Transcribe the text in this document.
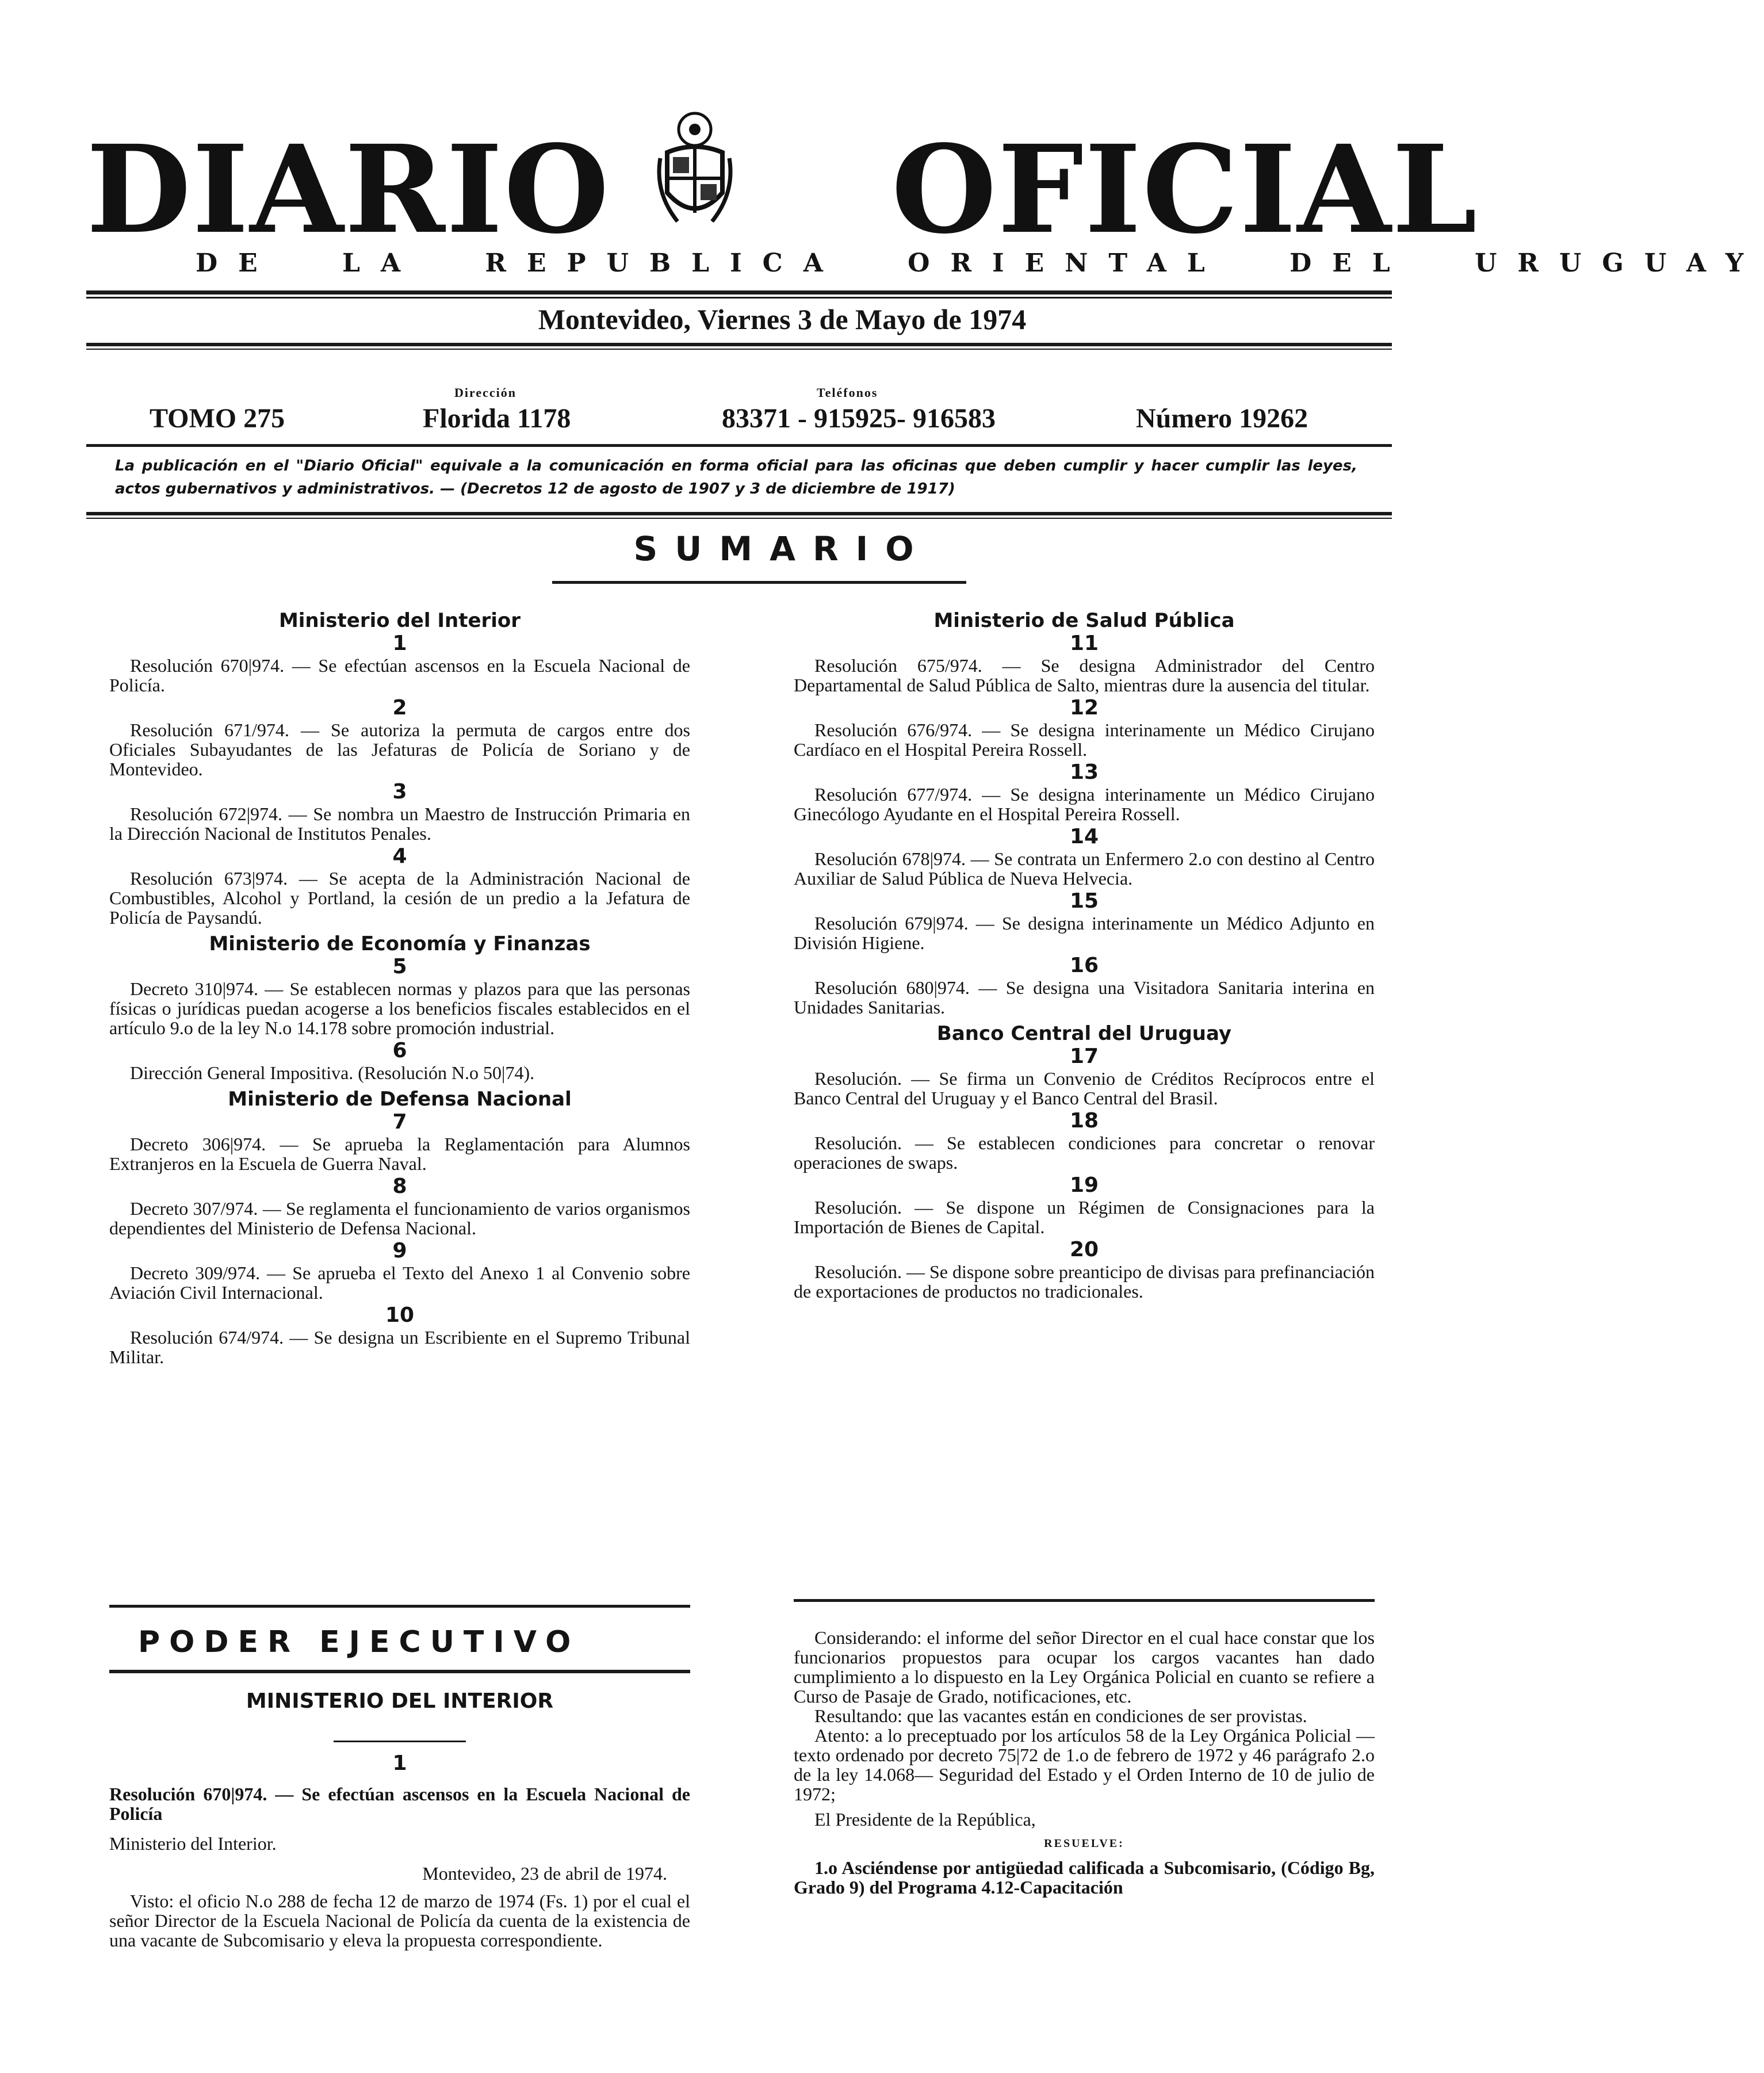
DIARIO OFICIAL
DE LA REPUBLICA ORIENTAL DEL URUGUAY
Montevideo, Viernes 3 de Mayo de 1974
Dirección	Teléfonos
TOMO 275	Florida 1178	83371 - 915925- 916583	Número 19262
La publicación en el "Diario Oficial" equivale a la comunicación en forma oficial para las oficinas que deben cumplir y hacer cumplir las leyes, actos gubernativos y administrativos. — (Decretos 12 de agosto de 1907 y 3 de diciembre de 1917)
SUMARIO
Ministerio del Interior
1
Resolución 670|974. — Se efectúan ascensos en la Escuela Nacional de Policía.
2
Resolución 671/974. — Se autoriza la permuta de cargos entre dos Oficiales Subayudantes de las Jefaturas de Policía de Soriano y de Montevideo.
3
Resolución 672|974. — Se nombra un Maestro de Instrucción Primaria en la Dirección Nacional de Institutos Penales.
4
Resolución 673|974. — Se acepta de la Administración Nacional de Combustibles, Alcohol y Portland, la cesión de un predio a la Jefatura de Policía de Paysandú.
Ministerio de Economía y Finanzas
5
Decreto 310|974. — Se establecen normas y plazos para que las personas físicas o jurídicas puedan acogerse a los beneficios fiscales establecidos en el artículo 9.o de la ley N.o 14.178 sobre promoción industrial.
6
Dirección General Impositiva. (Resolución N.o 50|74).
Ministerio de Defensa Nacional
7
Decreto 306|974. — Se aprueba la Reglamentación para Alumnos Extranjeros en la Escuela de Guerra Naval.
8
Decreto 307/974. — Se reglamenta el funcionamiento de varios organismos dependientes del Ministerio de Defensa Nacional.
9
Decreto 309/974. — Se aprueba el Texto del Anexo 1 al Convenio sobre Aviación Civil Internacional.
10
Resolución 674/974. — Se designa un Escribiente en el Supremo Tribunal Militar.
Ministerio de Salud Pública
11
Resolución 675/974. — Se designa Administrador del Centro Departamental de Salud Pública de Salto, mientras dure la ausencia del titular.
12
Resolución 676/974. — Se designa interinamente un Médico Cirujano Cardíaco en el Hospital Pereira Rossell.
13
Resolución 677/974. — Se designa interinamente un Médico Cirujano Ginecólogo Ayudante en el Hospital Pereira Rossell.
14
Resolución 678|974. — Se contrata un Enfermero 2.o con destino al Centro Auxiliar de Salud Pública de Nueva Helvecia.
15
Resolución 679|974. — Se designa interinamente un Médico Adjunto en División Higiene.
16
Resolución 680|974. — Se designa una Visitadora Sanitaria interina en Unidades Sanitarias.
Banco Central del Uruguay
17
Resolución. — Se firma un Convenio de Créditos Recíprocos entre el Banco Central del Uruguay y el Banco Central del Brasil.
18
Resolución. — Se establecen condiciones para concretar o renovar operaciones de swaps.
19
Resolución. — Se dispone un Régimen de Consignaciones para la Importación de Bienes de Capital.
20
Resolución. — Se dispone sobre preanticipo de divisas para prefinanciación de exportaciones de productos no tradicionales.
PODER EJECUTIVO
MINISTERIO DEL INTERIOR
1
Resolución 670|974. — Se efectúan ascensos en la Escuela Nacional de Policía
Ministerio del Interior.
Montevideo, 23 de abril de 1974.

Visto: el oficio N.o 288 de fecha 12 de marzo de 1974 (Fs. 1) por el cual el señor Director de la Escuela Nacional de Policía da cuenta de la existencia de una vacante de Subcomisario y eleva la propuesta correspondiente.

Considerando: el informe del señor Director en el cual hace constar que los funcionarios propuestos para ocupar los cargos vacantes han dado cumplimiento a lo dispuesto en la Ley Orgánica Policial en cuanto se refiere a Curso de Pasaje de Grado, notificaciones, etc.

Resultando: que las vacantes están en condiciones de ser provistas.

Atento: a lo preceptuado por los artículos 58 de la Ley Orgánica Policial —texto ordenado por decreto 75|72 de 1.o de febrero de 1972 y 46 parágrafo 2.o de la ley 14.068— Seguridad del Estado y el Orden Interno de 10 de julio de 1972;

El Presidente de la República,

RESUELVE:

1.o Asciéndense por antigüedad calificada a Subcomisario, (Código Bg, Grado 9) del Programa 4.12-Capacitación
